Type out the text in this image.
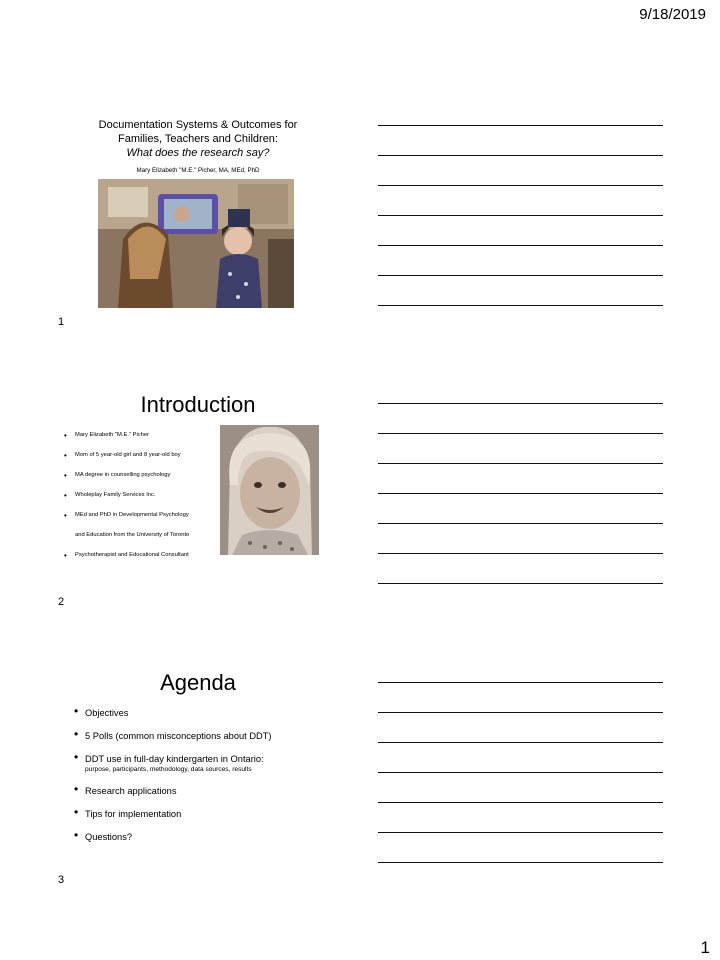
9/18/2019
Documentation Systems & Outcomes for
Families, Teachers and Children:
What does the research say?
Mary Elizabeth "M.E." Picher, MA, MEd, PhD
1
Introduction
• Mary Elizabeth "M.E." Picher
• Mom of 5 year-old girl and 8 year-old boy
• MA degree in counselling psychology
• Wholeplay Family Services Inc.
• MEd and PhD in Developmental Psychology
and Education from the University of Toronto
• Psychotherapist and Educational Consultant
2
Agenda
• Objectives
• 5 Polls (common misconceptions about DDT)
• DDT use in full-day kindergarten in Ontario:
purpose, participants, methodology, data sources, results
• Research applications
• Tips for implementation
• Questions?
3
1
